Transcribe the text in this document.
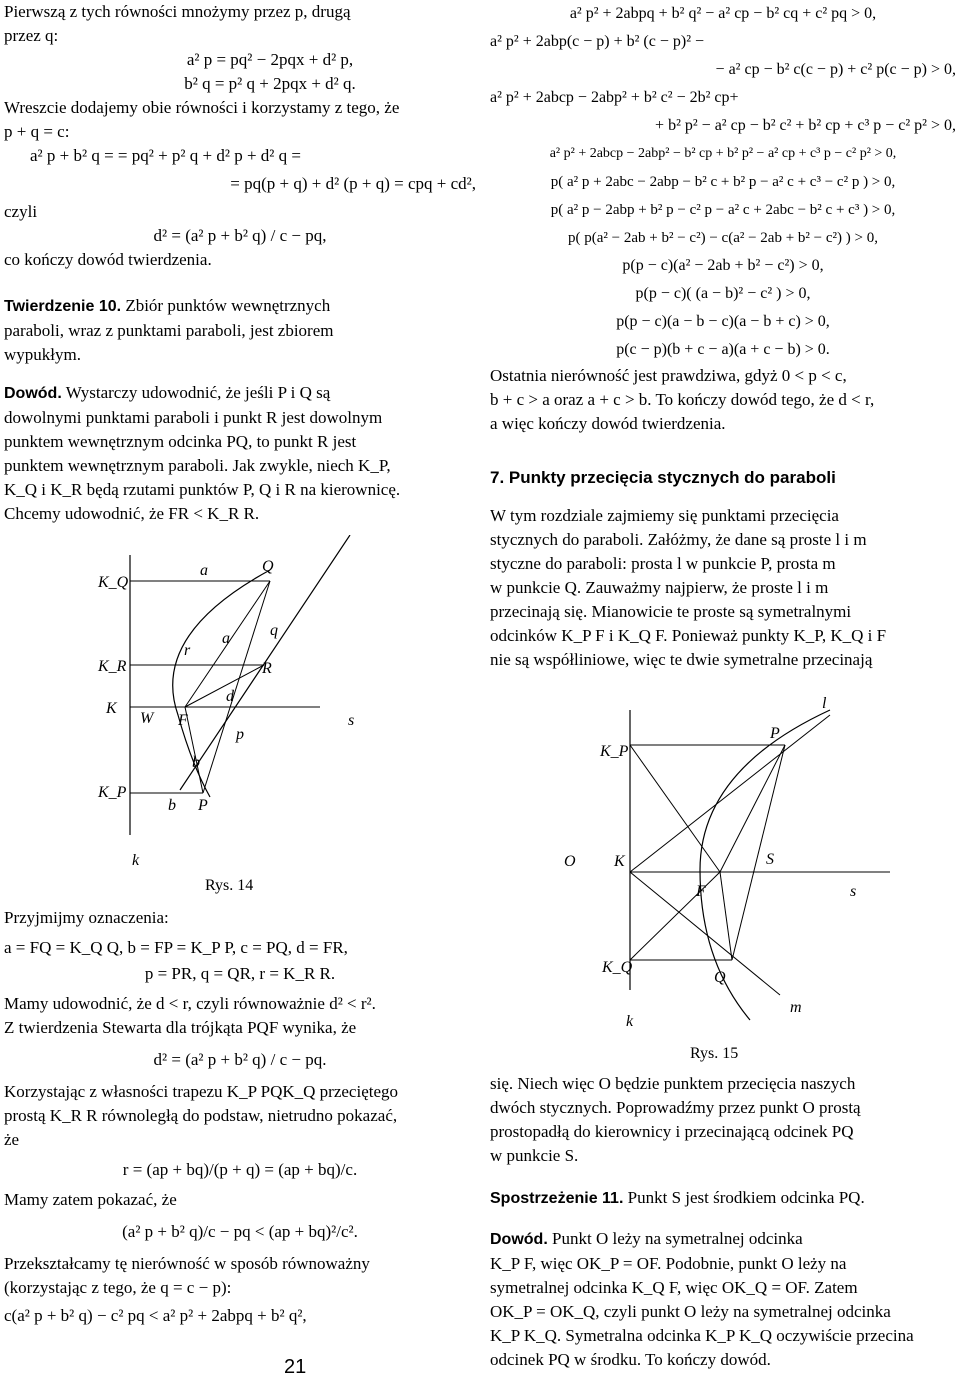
Pierwszą z tych równości mnożymy przez p, drugą

przez q:

a² p = pq² − 2pqx + d² p,

b² q = p² q + 2pqx + d² q.

Wreszcie dodajemy obie równości i korzystamy z tego, że

p + q = c:

a² p + b² q = = pq² + p² q + d² p + d² q =

= pq(p + q) + d² (p + q) = cpq + cd²,

czyli

d² = (a² p + b² q) / c − pq,

co kończy dowód twierdzenia.

Twierdzenie 10. Zbiór punktów wewnętrznych

paraboli, wraz z punktami paraboli, jest zbiorem

wypukłym.

Dowód. Wystarczy udowodnić, że jeśli P i Q są

dowolnymi punktami paraboli i punkt R jest dowolnym

punktem wewnętrznym odcinka PQ, to punkt R jest

punktem wewnętrznym paraboli. Jak zwykle, niech K_P,

K_Q i K_R będą rzutami punktów P, Q i R na kierownicę.

Chcemy udowodnić, że FR < K_R R.

K_Q
K_R
K
K_P
W F
a	Q
a	q
r
R
d
p
s
b
b P
k
Rys. 14

Przyjmijmy oznaczenia:

a = FQ = K_Q Q, b = FP = K_P P, c = PQ, d = FR,

p = PR, q = QR, r = K_R R.

Mamy udowodnić, że d < r, czyli równoważnie d² < r².

Z twierdzenia Stewarta dla trójkąta PQF wynika, że

d² = (a² p + b² q) / c − pq.

Korzystając z własności trapezu K_P PQK_Q przeciętego

prostą K_R R równoległą do podstaw, nietrudno pokazać,

że

r = (ap + bq)/(p + q) = (ap + bq)/c.

Mamy zatem pokazać, że

(a² p + b² q)/c − pq < (ap + bq)²/c².

Przekształcamy tę nierówność w sposób równoważny

(korzystając z tego, że q = c − p):

c(a² p + b² q) − c² pq < a² p² + 2abpq + b² q²,

21

a² p² + 2abpq + b² q² − a² cp − b² cq + c² pq > 0,

a² p² + 2abp(c − p) + b² (c − p)² −

− a² cp − b² c(c − p) + c² p(c − p) > 0,

a² p² + 2abcp − 2abp² + b² c² − 2b² cp+

+ b² p² − a² cp − b² c² + b² cp + c³ p − c² p² > 0,

a² p² + 2abcp − 2abp² − b² cp + b² p² − a² cp + c³ p − c² p² > 0,

p( a² p + 2abc − 2abp − b² c + b² p − a² c + c³ − c² p ) > 0,

p( a² p − 2abp + b² p − c² p − a² c + 2abc − b² c + c³ ) > 0,

p( p(a² − 2ab + b² − c²) − c(a² − 2ab + b² − c²) ) > 0,

p(p − c)(a² − 2ab + b² − c²) > 0,

p(p − c)( (a − b)² − c² ) > 0,

p(p − c)(a − b − c)(a − b + c) > 0,

p(c − p)(b + c − a)(a + c − b) > 0.

Ostatnia nierówność jest prawdziwa, gdyż 0 < p < c,

b + c > a oraz a + c > b. To kończy dowód tego, że d < r,

a więc kończy dowód twierdzenia.

7. Punkty przecięcia stycznych do paraboli

W tym rozdziale zajmiemy się punktami przecięcia

stycznych do paraboli. Załóżmy, że dane są proste l i m

styczne do paraboli: prosta l w punkcie P, prosta m

w punkcie Q. Zauważmy najpierw, że proste l i m

przecinają się. Mianowicie te proste są symetralnymi

odcinków K_P F i K_Q F. Ponieważ punkty K_P, K_Q i F

nie są współliniowe, więc te dwie symetralne przecinają

l
K_P
P
O K
F
S
s
K_Q
Q
m
k
Rys. 15

się. Niech więc O będzie punktem przecięcia naszych

dwóch stycznych. Poprowadźmy przez punkt O prostą

prostopadłą do kierownicy i przecinającą odcinek PQ

w punkcie S.

Spostrzeżenie 11. Punkt S jest środkiem odcinka PQ.

Dowód. Punkt O leży na symetralnej odcinka

K_P F, więc OK_P = OF. Podobnie, punkt O leży na

symetralnej odcinka K_Q F, więc OK_Q = OF. Zatem

OK_P = OK_Q, czyli punkt O leży na symetralnej odcinka

K_P K_Q. Symetralna odcinka K_P K_Q oczywiście przecina

odcinek PQ w środku. To kończy dowód.
